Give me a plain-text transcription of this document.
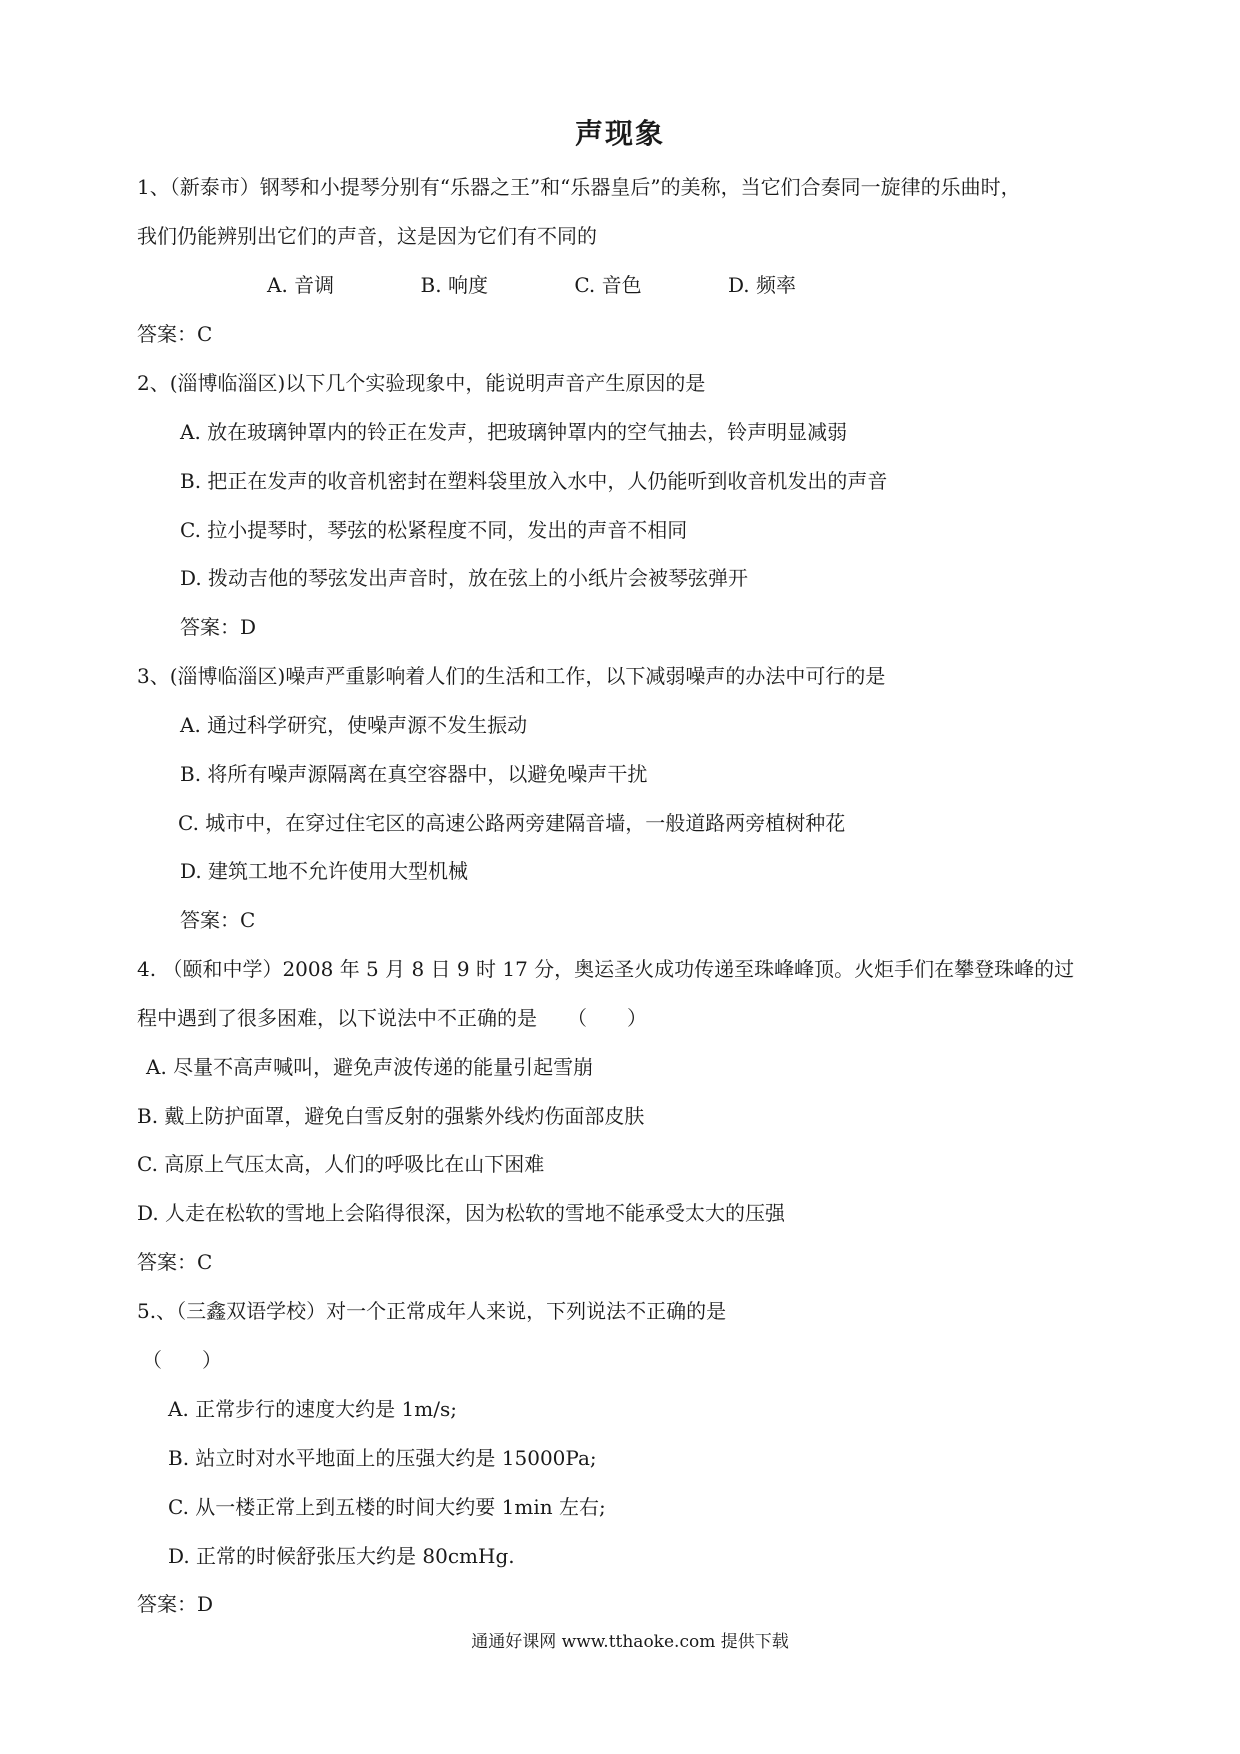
声现象
1、（新泰市）钢琴和小提琴分别有“乐器之王”和“乐器皇后”的美称，当它们合奏同一旋律的乐曲时，
我们仍能辨别出它们的声音，这是因为它们有不同的
A. 音调	B. 响度	C. 音色	D. 频率
答案：C
2、(淄博临淄区)以下几个实验现象中，能说明声音产生原因的是
A. 放在玻璃钟罩内的铃正在发声，把玻璃钟罩内的空气抽去，铃声明显减弱
B. 把正在发声的收音机密封在塑料袋里放入水中，人仍能听到收音机发出的声音
C. 拉小提琴时，琴弦的松紧程度不同，发出的声音不相同
D. 拨动吉他的琴弦发出声音时，放在弦上的小纸片会被琴弦弹开
答案：D
3、(淄博临淄区)噪声严重影响着人们的生活和工作，以下减弱噪声的办法中可行的是
A. 通过科学研究，使噪声源不发生振动
B. 将所有噪声源隔离在真空容器中，以避免噪声干扰
C. 城市中，在穿过住宅区的高速公路两旁建隔音墙，一般道路两旁植树种花
D. 建筑工地不允许使用大型机械
答案：C
4. （颐和中学）2008 年 5 月 8 日 9 时 17 分，奥运圣火成功传递至珠峰峰顶。火炬手们在攀登珠峰的过
程中遇到了很多困难，以下说法中不正确的是　　（　　）
A. 尽量不高声喊叫，避免声波传递的能量引起雪崩
B. 戴上防护面罩，避免白雪反射的强紫外线灼伤面部皮肤
C. 高原上气压太高，人们的呼吸比在山下困难
D. 人走在松软的雪地上会陷得很深，因为松软的雪地不能承受太大的压强
答案：C
5.、（三鑫双语学校）对一个正常成年人来说，下列说法不正确的是
（　　）
A. 正常步行的速度大约是 1m/s;
B. 站立时对水平地面上的压强大约是 15000Pa;
C. 从一楼正常上到五楼的时间大约要 1min 左右;
D. 正常的时候舒张压大约是 80cmHg.
答案：D
通通好课网 www.tthaoke.com 提供下载
